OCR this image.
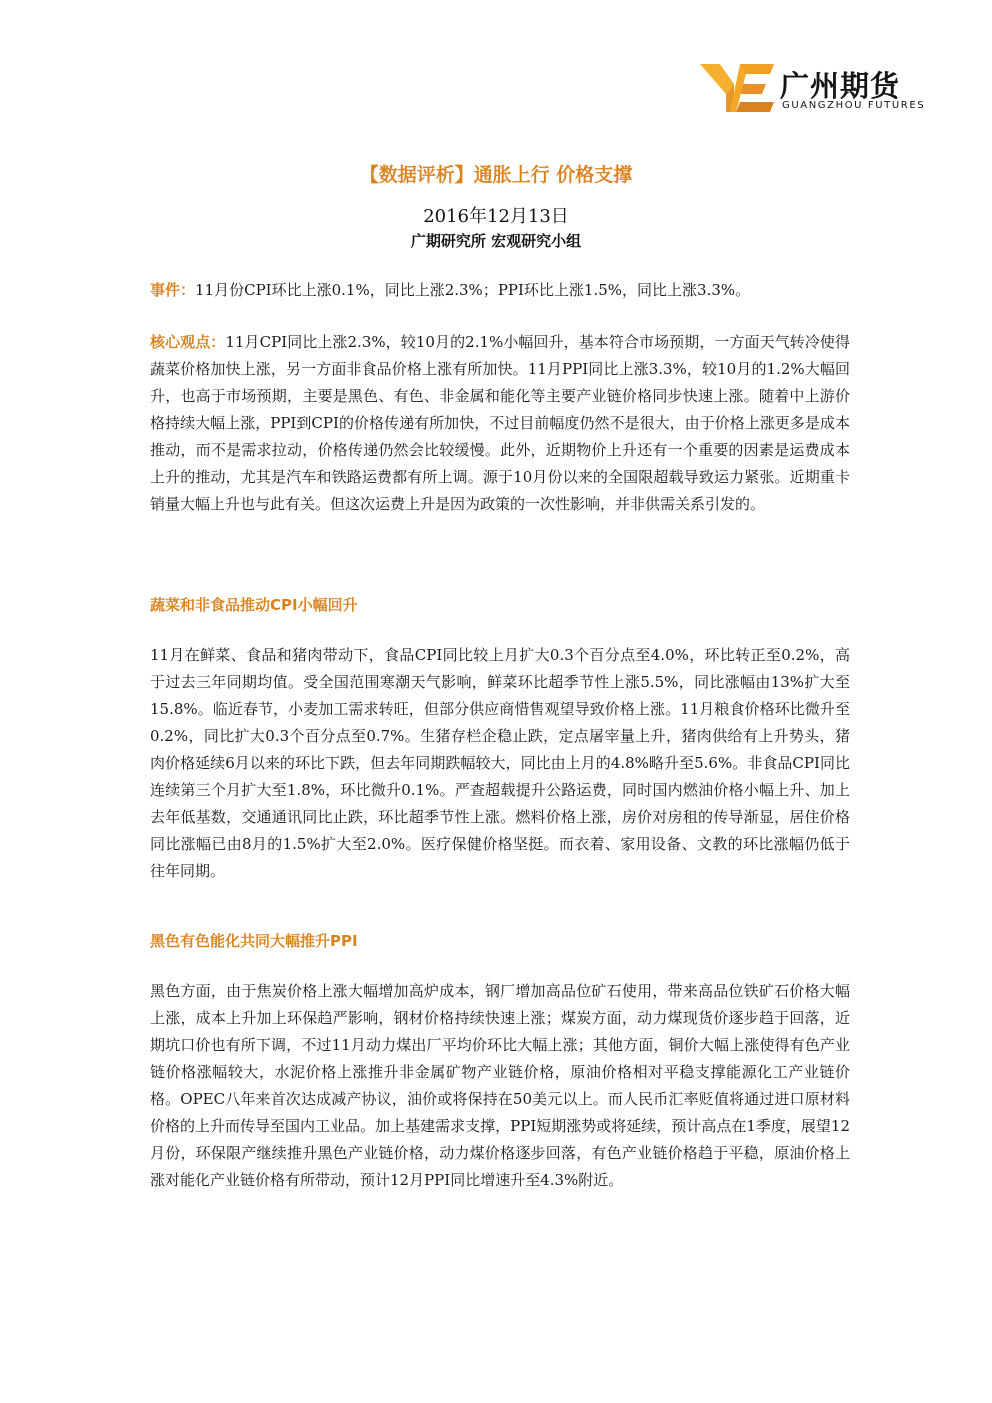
广州期货
GUANGZHOU FUTURES
【数据评析】通胀上行 价格支撑
2016年12月13日
广期研究所 宏观研究小组
事件：11月份CPI环比上涨0.1%，同比上涨2.3%；PPI环比上涨1.5%，同比上涨3.3%。
核心观点：11月CPI同比上涨2.3%，较10月的2.1%小幅回升，基本符合市场预期，一方面天气转冷使得蔬菜价格加快上涨，另一方面非食品价格上涨有所加快。11月PPI同比上涨3.3%，较10月的1.2%大幅回升，也高于市场预期，主要是黑色、有色、非金属和能化等主要产业链价格同步快速上涨。随着中上游价格持续大幅上涨，PPI到CPI的价格传递有所加快，不过目前幅度仍然不是很大，由于价格上涨更多是成本推动，而不是需求拉动，价格传递仍然会比较缓慢。此外，近期物价上升还有一个重要的因素是运费成本上升的推动，尤其是汽车和铁路运费都有所上调。源于10月份以来的全国限超载导致运力紧张。近期重卡销量大幅上升也与此有关。但这次运费上升是因为政策的一次性影响，并非供需关系引发的。
蔬菜和非食品推动CPI小幅回升
11月在鲜菜、食品和猪肉带动下，食品CPI同比较上月扩大0.3个百分点至4.0%，环比转正至0.2%，高于过去三年同期均值。受全国范围寒潮天气影响，鲜菜环比超季节性上涨5.5%，同比涨幅由13%扩大至15.8%。临近春节，小麦加工需求转旺，但部分供应商惜售观望导致价格上涨。11月粮食价格环比微升至0.2%，同比扩大0.3个百分点至0.7%。生猪存栏企稳止跌，定点屠宰量上升，猪肉供给有上升势头，猪肉价格延续6月以来的环比下跌，但去年同期跌幅较大，同比由上月的4.8%略升至5.6%。非食品CPI同比连续第三个月扩大至1.8%，环比微升0.1%。严查超载提升公路运费，同时国内燃油价格小幅上升、加上去年低基数，交通通讯同比止跌，环比超季节性上涨。燃料价格上涨，房价对房租的传导渐显，居住价格同比涨幅已由8月的1.5%扩大至2.0%。医疗保健价格坚挺。而衣着、家用设备、文教的环比涨幅仍低于往年同期。
黑色有色能化共同大幅推升PPI
黑色方面，由于焦炭价格上涨大幅增加高炉成本，钢厂增加高品位矿石使用，带来高品位铁矿石价格大幅上涨，成本上升加上环保趋严影响，钢材价格持续快速上涨；煤炭方面，动力煤现货价逐步趋于回落，近期坑口价也有所下调，不过11月动力煤出厂平均价环比大幅上涨；其他方面，铜价大幅上涨使得有色产业链价格涨幅较大，水泥价格上涨推升非金属矿物产业链价格，原油价格相对平稳支撑能源化工产业链价格。OPEC八年来首次达成减产协议，油价或将保持在50美元以上。而人民币汇率贬值将通过进口原材料价格的上升而传导至国内工业品。加上基建需求支撑，PPI短期涨势或将延续，预计高点在1季度，展望12月份，环保限产继续推升黑色产业链价格，动力煤价格逐步回落，有色产业链价格趋于平稳，原油价格上涨对能化产业链价格有所带动，预计12月PPI同比增速升至4.3%附近。
